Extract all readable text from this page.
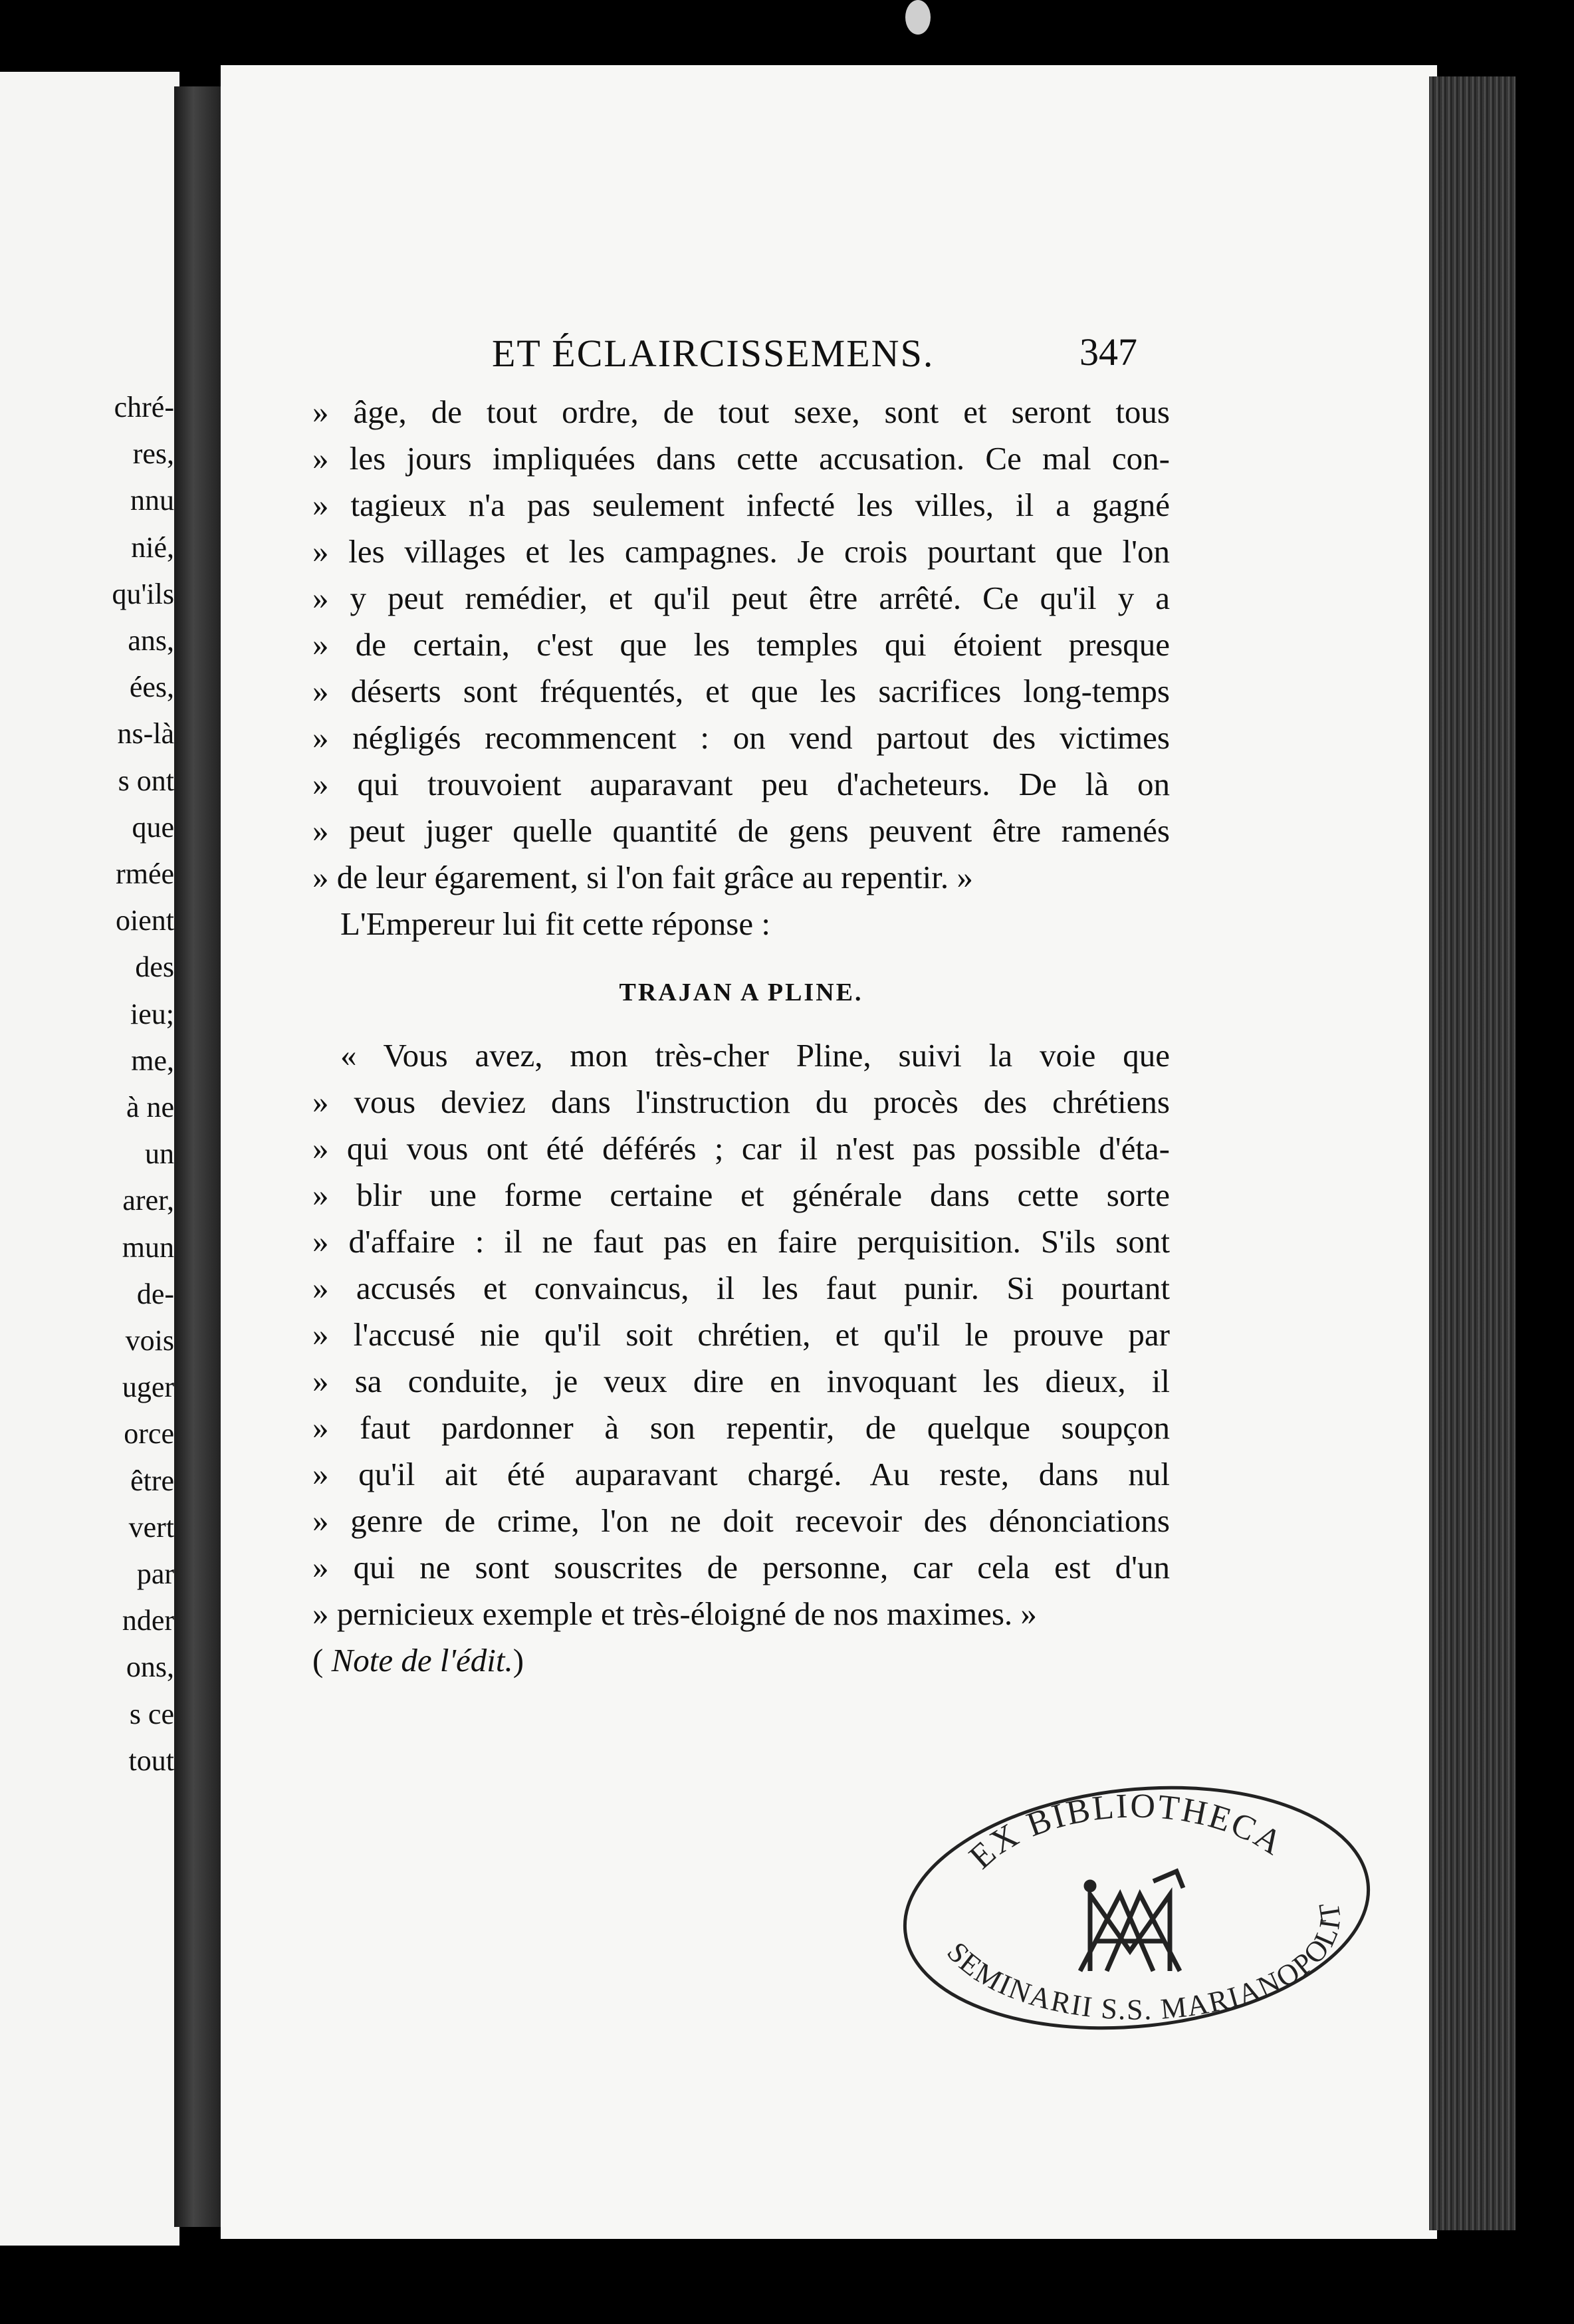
chré-
res,
nnu
nié,
qu'ils
ans,
ées,
ns-là
s ont
que
rmée
oient
des
ieu;
me,
à ne
un
arer,
mun
de-
vois
uger
orce
être
vert
par
nder
ons,
s ce
tout
ET ÉCLAIRCISSEMENS.	347
» âge, de tout ordre, de tout sexe, sont et seront tous
» les jours impliquées dans cette accusation. Ce mal con-
» tagieux n'a pas seulement infecté les villes, il a gagné
» les villages et les campagnes. Je crois pourtant que l'on
» y peut remédier, et qu'il peut être arrêté. Ce qu'il y a
» de certain, c'est que les temples qui étoient presque
» déserts sont fréquentés, et que les sacrifices long-temps
» négligés recommencent : on vend partout des victimes
» qui trouvoient auparavant peu d'acheteurs. De là on
» peut juger quelle quantité de gens peuvent être ramenés
» de leur égarement, si l'on fait grâce au repentir. »
L'Empereur lui fit cette réponse :
TRAJAN A PLINE.
« Vous avez, mon très-cher Pline, suivi la voie que
» vous deviez dans l'instruction du procès des chrétiens
» qui vous ont été déférés ; car il n'est pas possible d'éta-
» blir une forme certaine et générale dans cette sorte
» d'affaire : il ne faut pas en faire perquisition. S'ils sont
» accusés et convaincus, il les faut punir. Si pourtant
» l'accusé nie qu'il soit chrétien, et qu'il le prouve par
» sa conduite, je veux dire en invoquant les dieux, il
» faut pardonner à son repentir, de quelque soupçon
» qu'il ait été auparavant chargé. Au reste, dans nul
» genre de crime, l'on ne doit recevoir des dénonciations
» qui ne sont souscrites de personne, car cela est d'un
» pernicieux exemple et très-éloigné de nos maximes. »
( Note de l'édit.)
EX BIBLIOTHECA
SEMINARII S.S. MARIANOPOLIT
